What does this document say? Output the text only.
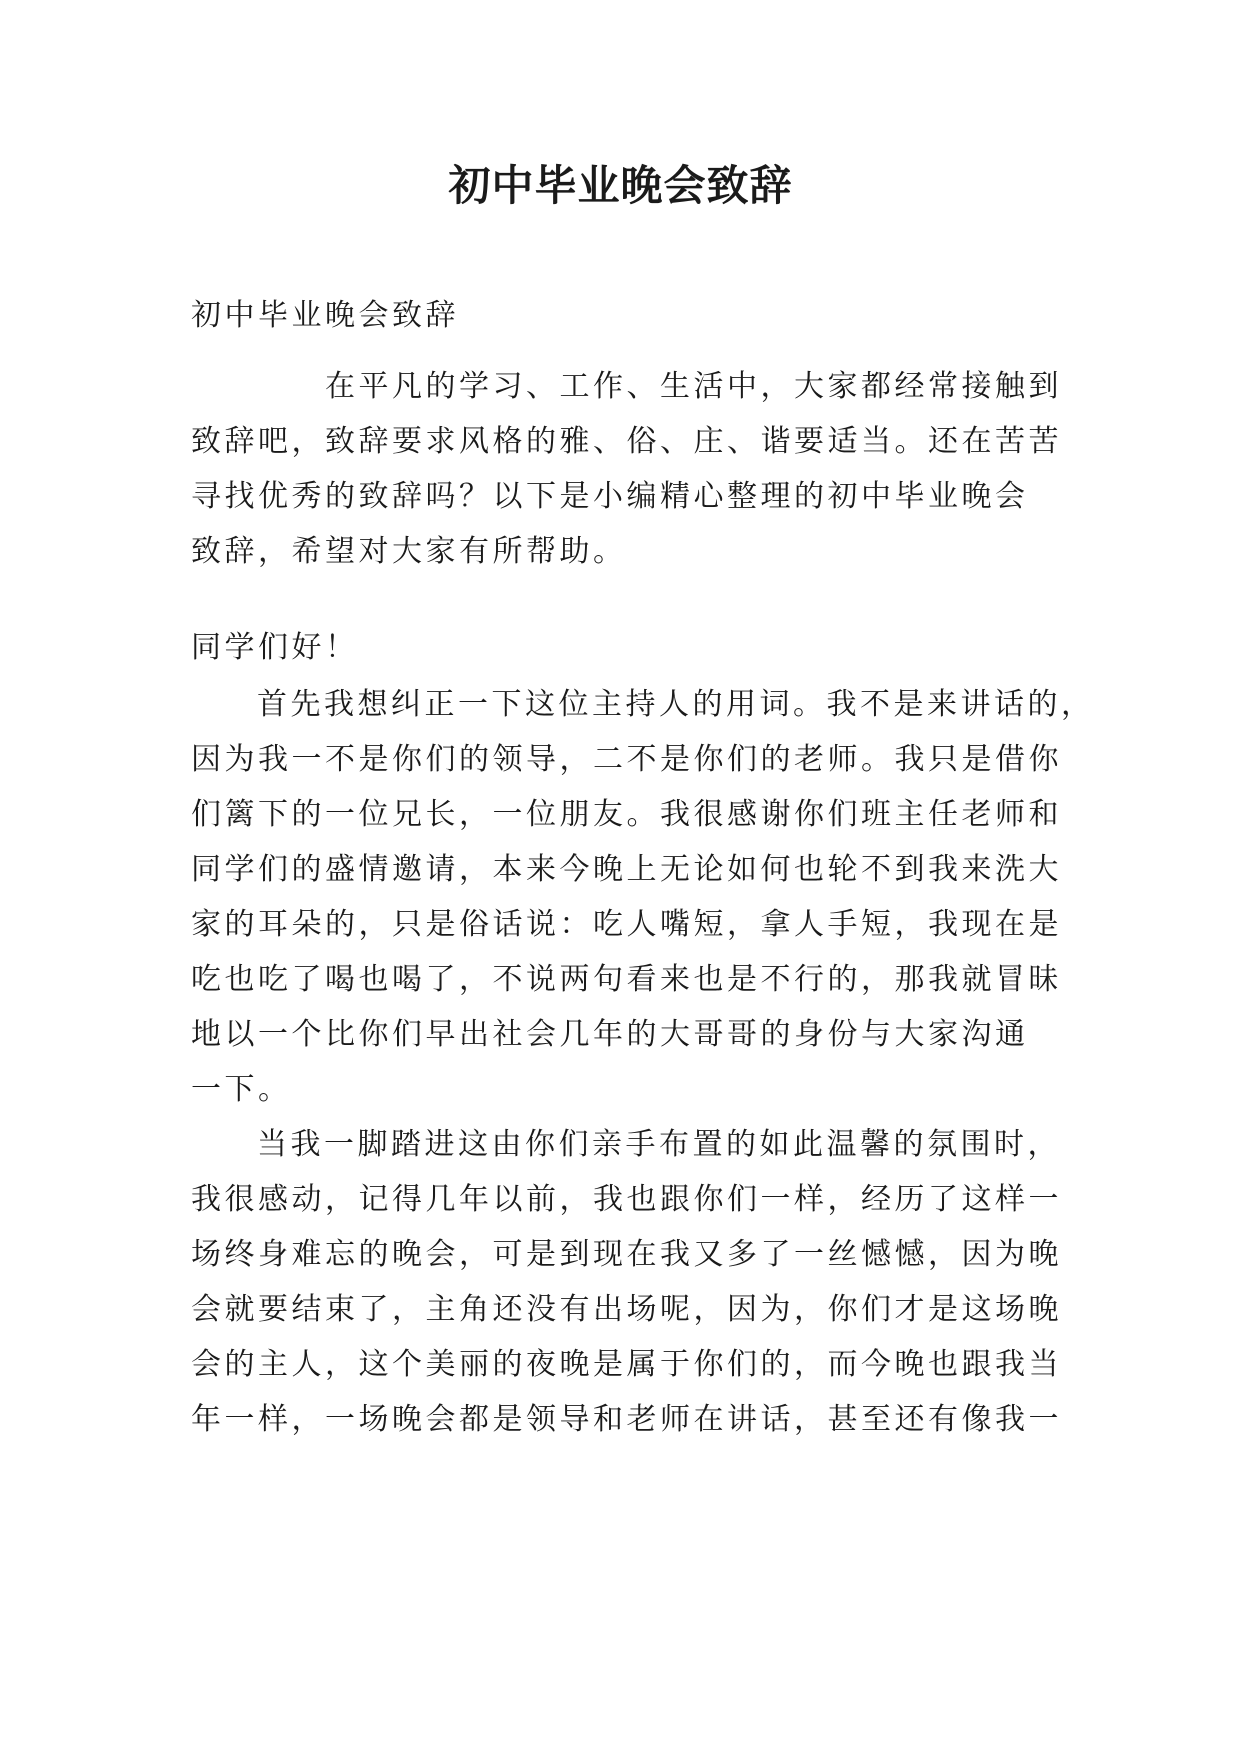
初中毕业晚会致辞
初中毕业晚会致辞
在平凡的学习、工作、生活中，大家都经常接触到
致辞吧，致辞要求风格的雅、俗、庄、谐要适当。还在苦苦
寻找优秀的致辞吗？以下是小编精心整理的初中毕业晚会
致辞，希望对大家有所帮助。
同学们好！
首先我想纠正一下这位主持人的用词。我不是来讲话的，
因为我一不是你们的领导，二不是你们的老师。我只是借你
们篱下的一位兄长，一位朋友。我很感谢你们班主任老师和
同学们的盛情邀请，本来今晚上无论如何也轮不到我来洗大
家的耳朵的，只是俗话说：吃人嘴短，拿人手短，我现在是
吃也吃了喝也喝了，不说两句看来也是不行的，那我就冒昧
地以一个比你们早出社会几年的大哥哥的身份与大家沟通
一下。
当我一脚踏进这由你们亲手布置的如此温馨的氛围时，
我很感动，记得几年以前，我也跟你们一样，经历了这样一
场终身难忘的晚会，可是到现在我又多了一丝憾憾，因为晚
会就要结束了，主角还没有出场呢，因为，你们才是这场晚
会的主人，这个美丽的夜晚是属于你们的，而今晚也跟我当
年一样，一场晚会都是领导和老师在讲话，甚至还有像我一
